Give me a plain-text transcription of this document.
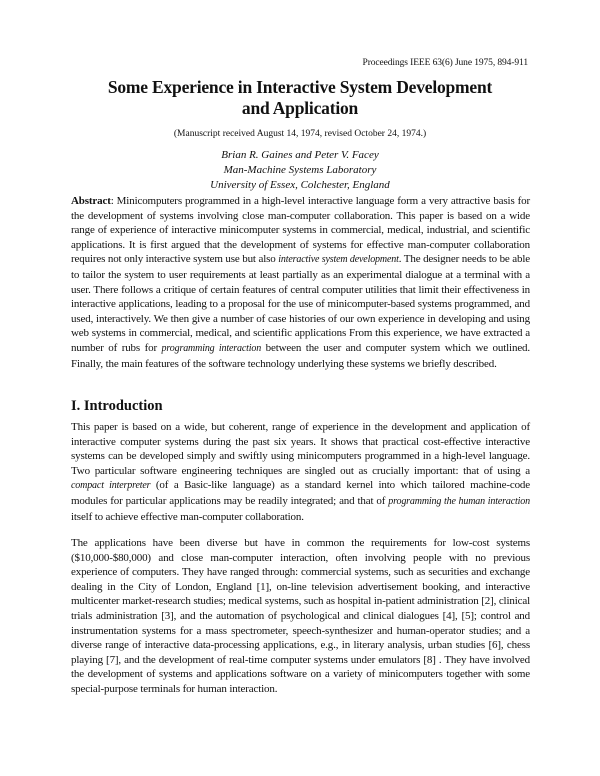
Proceedings IEEE 63(6) June 1975, 894-911
Some Experience in Interactive System Development
and Application
(Manuscript received August 14, 1974, revised October 24, 1974.)
Brian R. Gaines and Peter V. Facey
Man-Machine Systems Laboratory
University of Essex, Colchester, England
Abstract: Minicomputers programmed in a high-level interactive language form a very attractive basis for the development of systems involving close man-computer collaboration. This paper is based on a wide range of experience of interactive minicomputer systems in commercial, medical, industrial, and scientific applications. It is first argued that the development of systems for effective man-computer collaboration requires not only interactive system use but also interactive system development. The designer needs to be able to tailor the system to user requirements at least partially as an experimental dialogue at a terminal with a user. There follows a critique of certain features of central computer utilities that limit their effectiveness in interactive applications, leading to a proposal for the use of minicomputer-based systems programmed, and used, interactively. We then give a number of case histories of our own experience in developing and using web systems in commercial, medical, and scientific applications From this experience, we have extracted a number of rubs for programming interaction between the user and computer system which we outlined. Finally, the main features of the software technology underlying these systems we briefly described.
I. Introduction
This paper is based on a wide, but coherent, range of experience in the development and application of interactive computer systems during the past six years. It shows that practical cost-effective interactive systems can be developed simply and swiftly using minicomputers programmed in a high-level language. Two particular software engineering techniques are singled out as crucially important: that of using a compact interpreter (of a Basic-like language) as a standard kernel into which tailored machine-code modules for particular applications may be readily integrated; and that of programming the human interaction itself to achieve effective man-computer collaboration.
The applications have been diverse but have in common the requirements for low-cost systems ($10,000-$80,000) and close man-computer interaction, often involving people with no previous experience of computers. They have ranged through: commercial systems, such as securities and exchange dealing in the City of London, England [1], on-line television advertisement booking, and interactive multicenter market-research studies; medical systems, such as hospital in-patient administration [2], clinical trials administration [3], and the automation of psychological and clinical dialogues [4], [5]; control and instrumentation systems for a mass spectrometer, speech-synthesizer and human-operator studies; and a diverse range of interactive data-processing applications, e.g., in literary analysis, urban studies [6], chess playing [7], and the development of real-time computer systems under emulators [8] . They have involved the development of systems and applications software on a variety of minicomputers together with some special-purpose terminals for human interaction.
